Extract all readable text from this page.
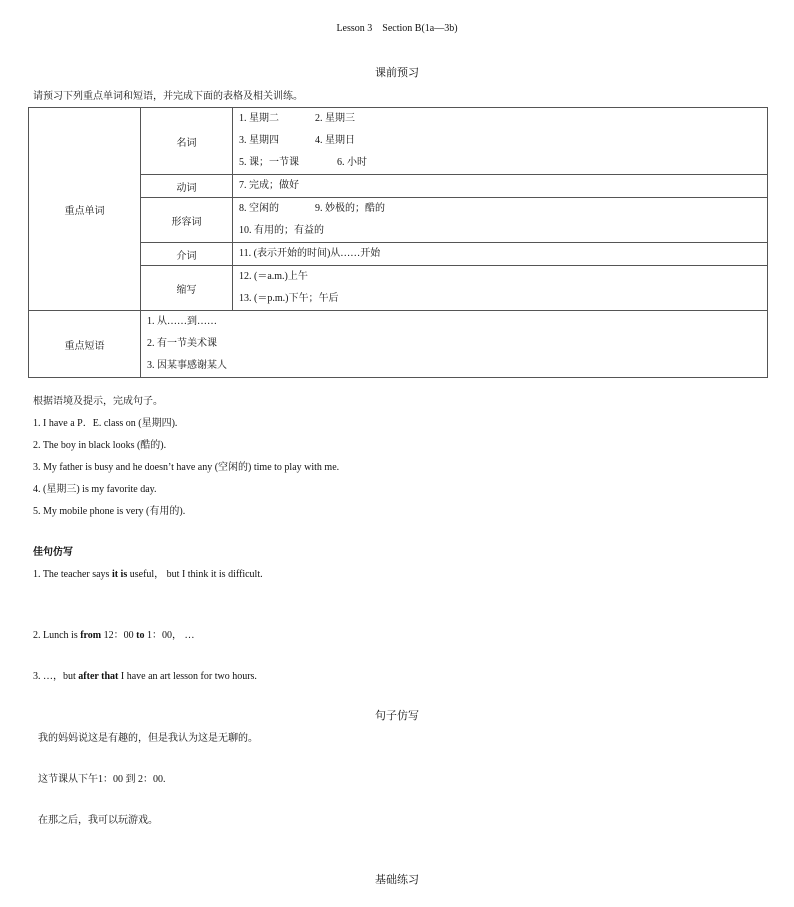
Lesson 3 Section B(1a—3b)
课前预习
请预习下列重点单词和短语，并完成下面的表格及相关训练。
重点单词	名词	1. 星期二 2. 星期三
3. 星期四 4. 星期日
5. 课；一节课 6. 小时

	动词	7. 完成；做好

	形容词	8. 空闲的 9. 妙极的；酷的
10. 有用的；有益的

	介词	11. (表示开始的时间)从……开始

	缩写	12. (＝a.m.)上午
13. (＝p.m.)下午；午后

重点短语	1. 从……到……
2. 有一节美术课
3. 因某事感谢某人	
根据语境及提示，完成句子。
1. I have a P．E. class on (星期四).
2. The boy in black looks (酷的).
3. My father is busy and he doesn’t have any (空闲的) time to play with me.
4. (星期三) is my favorite day.
5. My mobile phone is very (有用的).
佳句仿写
1. The teacher says it is useful， but I think it is difficult.
2. Lunch is from 12：00 to 1：00， …
3. …，but after that I have an art lesson for two hours.
句子仿写
我的妈妈说这是有趣的，但是我认为这是无聊的。
这节课从下午1：00 到 2：00.
在那之后，我可以玩游戏。
基础练习
